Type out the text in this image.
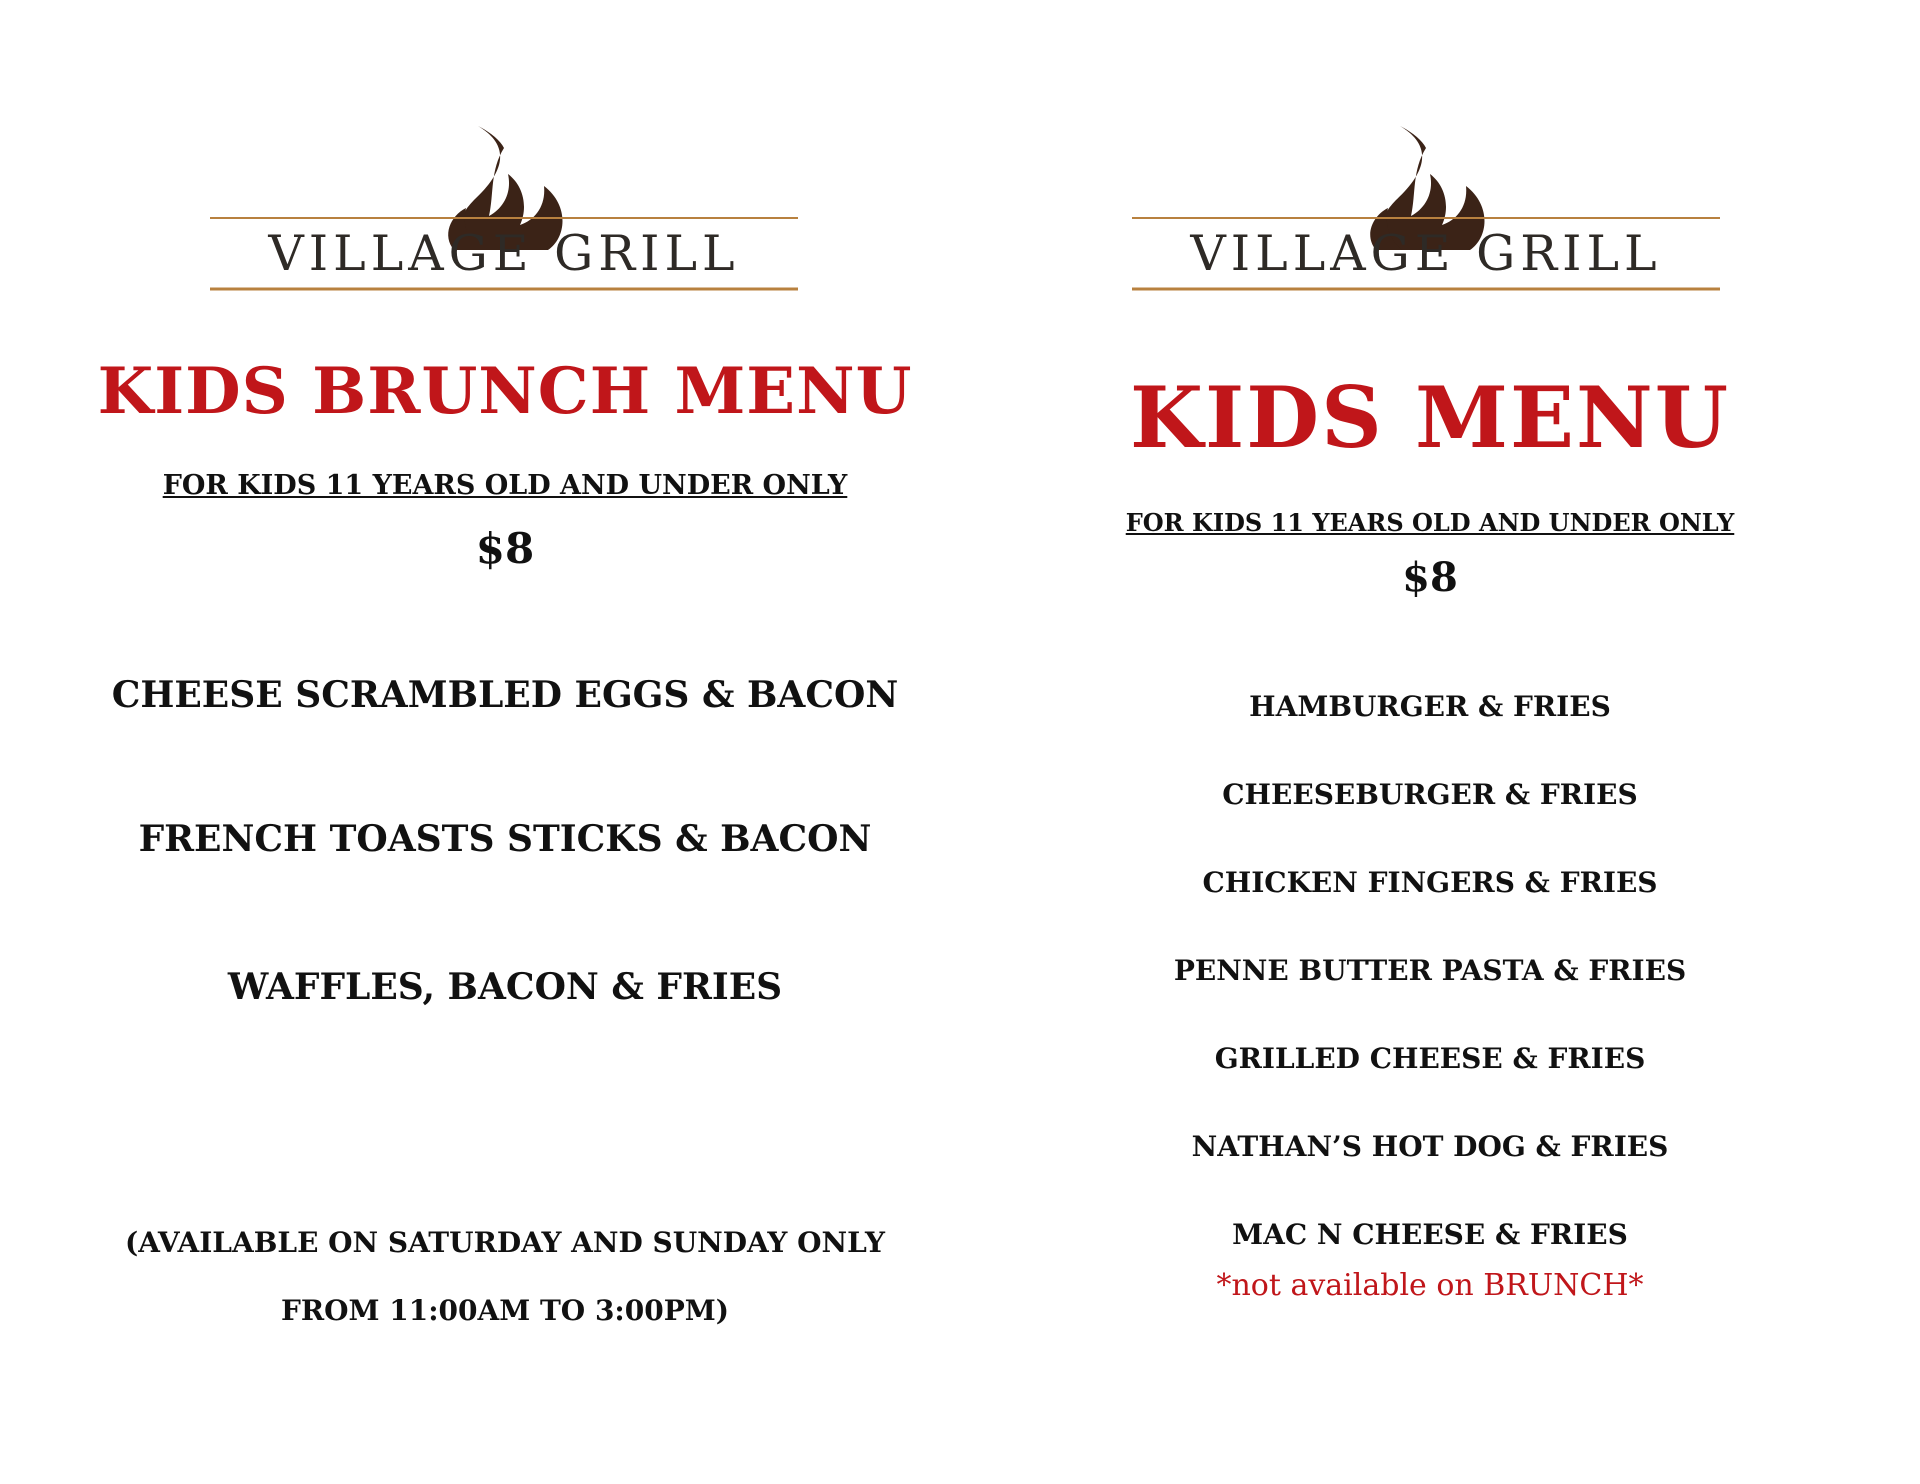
VILLAGE GRILL
KIDS BRUNCH MENU
FOR KIDS 11 YEARS OLD AND UNDER ONLY
$8
CHEESE SCRAMBLED EGGS & BACON
FRENCH TOASTS STICKS & BACON
WAFFLES, BACON & FRIES
(AVAILABLE ON SATURDAY AND SUNDAY ONLY
FROM 11:00AM TO 3:00PM)
VILLAGE GRILL
KIDS MENU
FOR KIDS 11 YEARS OLD AND UNDER ONLY
$8
HAMBURGER & FRIES
CHEESEBURGER & FRIES
CHICKEN FINGERS & FRIES
PENNE BUTTER PASTA & FRIES
GRILLED CHEESE & FRIES
NATHAN’S HOT DOG & FRIES
MAC N CHEESE & FRIES
*not available on BRUNCH*
